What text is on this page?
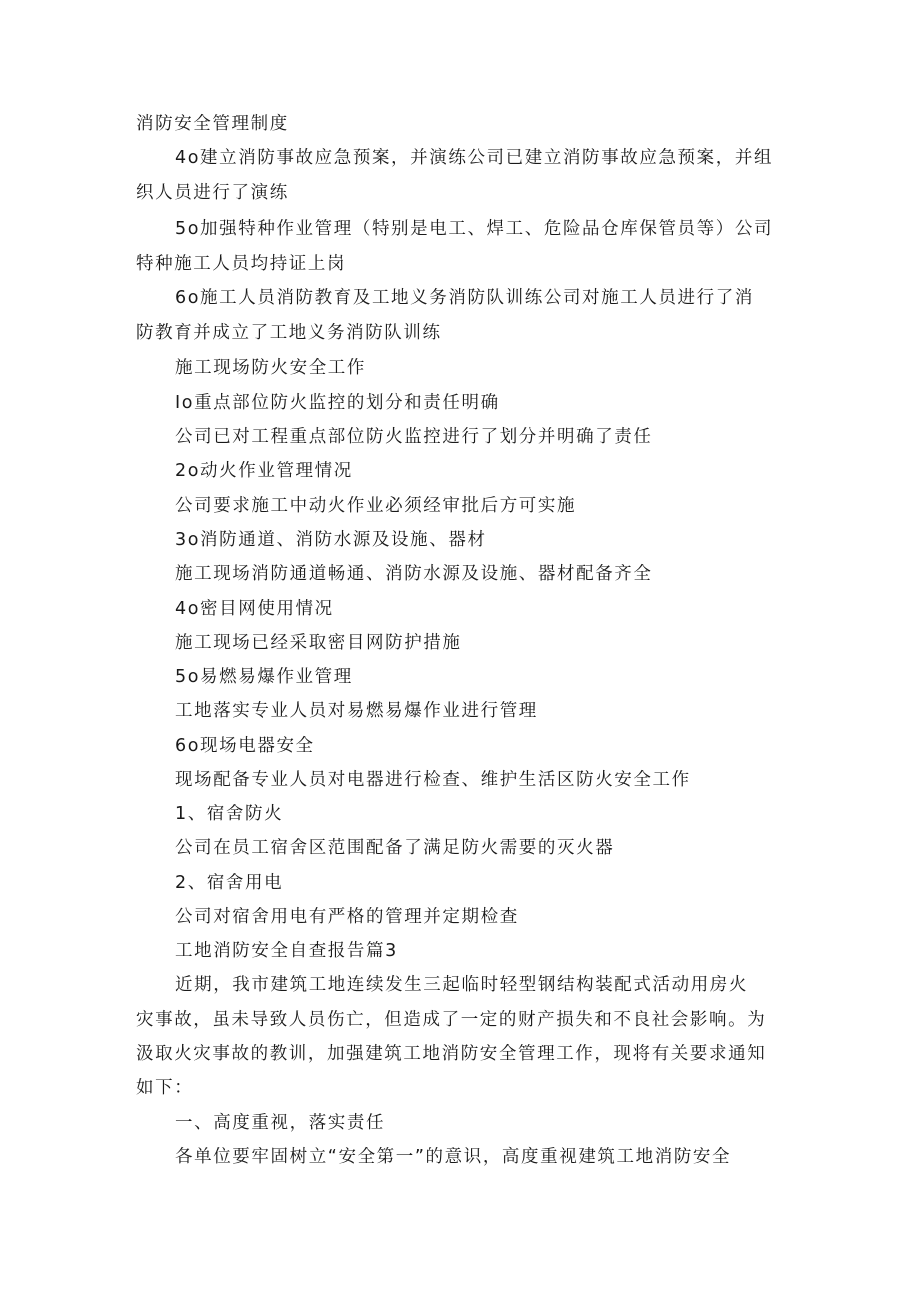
消防安全管理制度
4o建立消防事故应急预案，并演练公司已建立消防事故应急预案，并组
织人员进行了演练
5o加强特种作业管理（特别是电工、焊工、危险品仓库保管员等）公司
特种施工人员均持证上岗
6o施工人员消防教育及工地义务消防队训练公司对施工人员进行了消
防教育并成立了工地义务消防队训练
施工现场防火安全工作
Io重点部位防火监控的划分和责任明确
公司已对工程重点部位防火监控进行了划分并明确了责任
2o动火作业管理情况
公司要求施工中动火作业必须经审批后方可实施
3o消防通道、消防水源及设施、器材
施工现场消防通道畅通、消防水源及设施、器材配备齐全
4o密目网使用情况
施工现场已经采取密目网防护措施
5o易燃易爆作业管理
工地落实专业人员对易燃易爆作业进行管理
6o现场电器安全
现场配备专业人员对电器进行检查、维护生活区防火安全工作
1、宿舍防火
公司在员工宿舍区范围配备了满足防火需要的灭火器
2、宿舍用电
公司对宿舍用电有严格的管理并定期检查
工地消防安全自查报告篇3
近期，我市建筑工地连续发生三起临时轻型钢结构装配式活动用房火
灾事故，虽未导致人员伤亡，但造成了一定的财产损失和不良社会影响。为
汲取火灾事故的教训，加强建筑工地消防安全管理工作，现将有关要求通知
如下：
一、高度重视，落实责任
各单位要牢固树立“安全第一”的意识，高度重视建筑工地消防安全
